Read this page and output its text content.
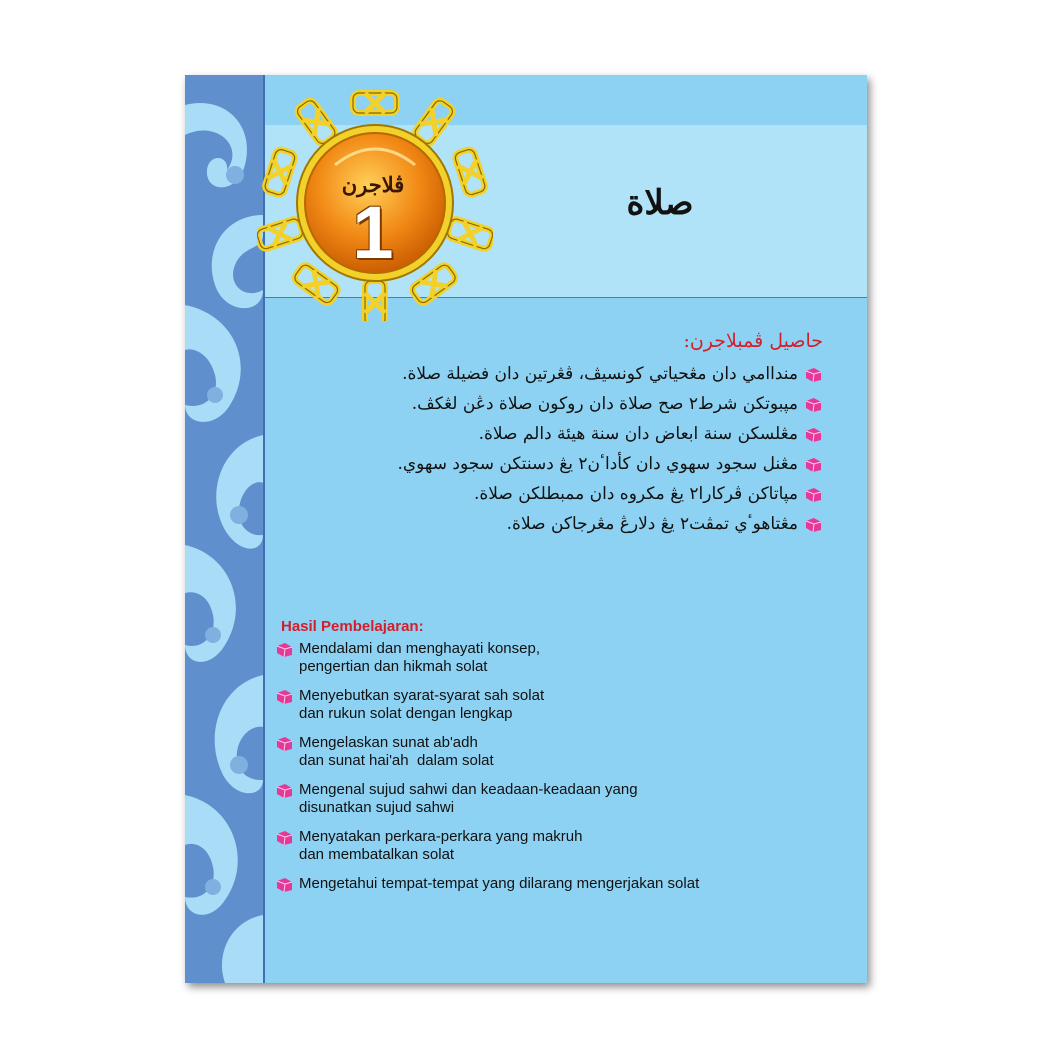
صلاة
ڤلاجرن
1
حاصيل ڤمبلاجرن:
منداامي دان مڠحياتي كونسيڤ، ڤڠرتين دان فضيلة صلاة.
مڽبوتكن شرط٢ صح صلاة دان روكون صلاة دڠن لڠكڤ.
مڠلسكن سنة ابعاض دان سنة هيئة دالم صلاة.
مڠنل سجود سهوي دان كأداٴن٢ يڠ دسنتكن سجود سهوي.
مڽاتاكن ڤركارا٢ يڠ مكروه دان ممبطلكن صلاة.
مڠتاهوٴي تمڤت٢ يڠ دلارڠ مڠرجاكن صلاة.
Hasil Pembelajaran:
Mendalami dan menghayati konsep,
pengertian dan hikmah solat
Menyebutkan syarat-syarat sah solat
dan rukun solat dengan lengkap
Mengelaskan sunat ab'adh
dan sunat hai'ah  dalam solat
Mengenal sujud sahwi dan keadaan-keadaan yang
disunatkan sujud sahwi
Menyatakan perkara-perkara yang makruh
dan membatalkan solat
Mengetahui tempat-tempat yang dilarang mengerjakan solat
